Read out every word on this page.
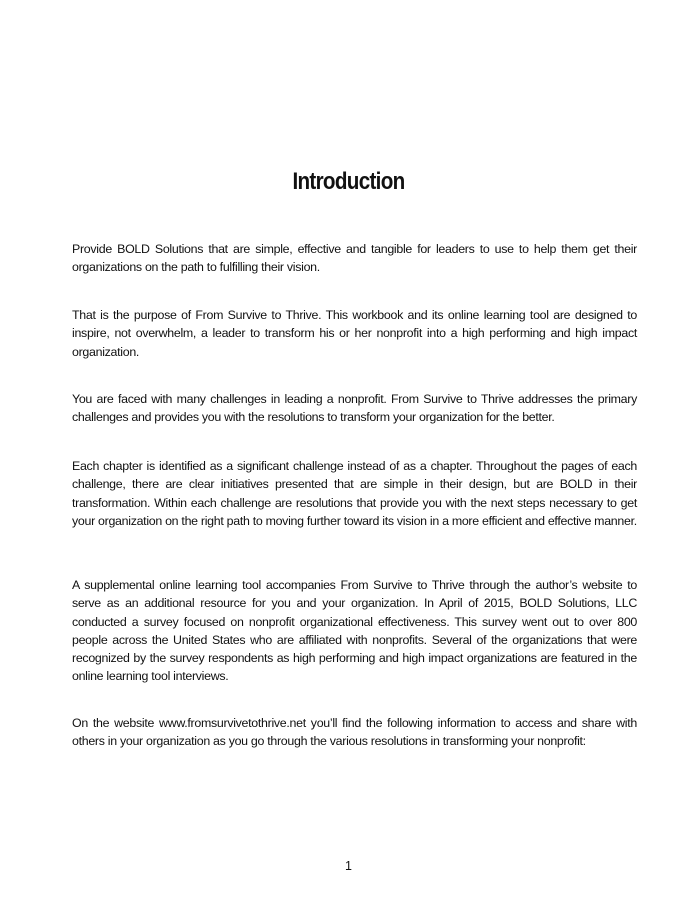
Introduction

Provide BOLD Solutions that are simple, effective and tangible for leaders to use to help them get their organizations on the path to fulfilling their vision.

That is the purpose of From Survive to Thrive. This workbook and its online learning tool are designed to inspire, not overwhelm, a leader to transform his or her nonprofit into a high performing and high impact organization.

You are faced with many challenges in leading a nonprofit. From Survive to Thrive addresses the primary challenges and provides you with the resolutions to transform your organization for the better.

Each chapter is identified as a significant challenge instead of as a chapter. Throughout the pages of each challenge, there are clear initiatives presented that are simple in their design, but are BOLD in their transformation. Within each challenge are resolutions that provide you with the next steps necessary to get your organization on the right path to moving further toward its vision in a more efficient and effective manner.

A supplemental online learning tool accompanies From Survive to Thrive through the author’s website to serve as an additional resource for you and your organization. In April of 2015, BOLD Solutions, LLC conducted a survey focused on nonprofit organizational effectiveness. This survey went out to over 800 people across the United States who are affiliated with nonprofits. Several of the organizations that were recognized by the survey respondents as high performing and high impact organizations are featured in the online learning tool interviews.

On the website www.fromsurvivetothrive.net you’ll find the following information to access and share with others in your organization as you go through the various resolutions in transforming your nonprofit:

1
